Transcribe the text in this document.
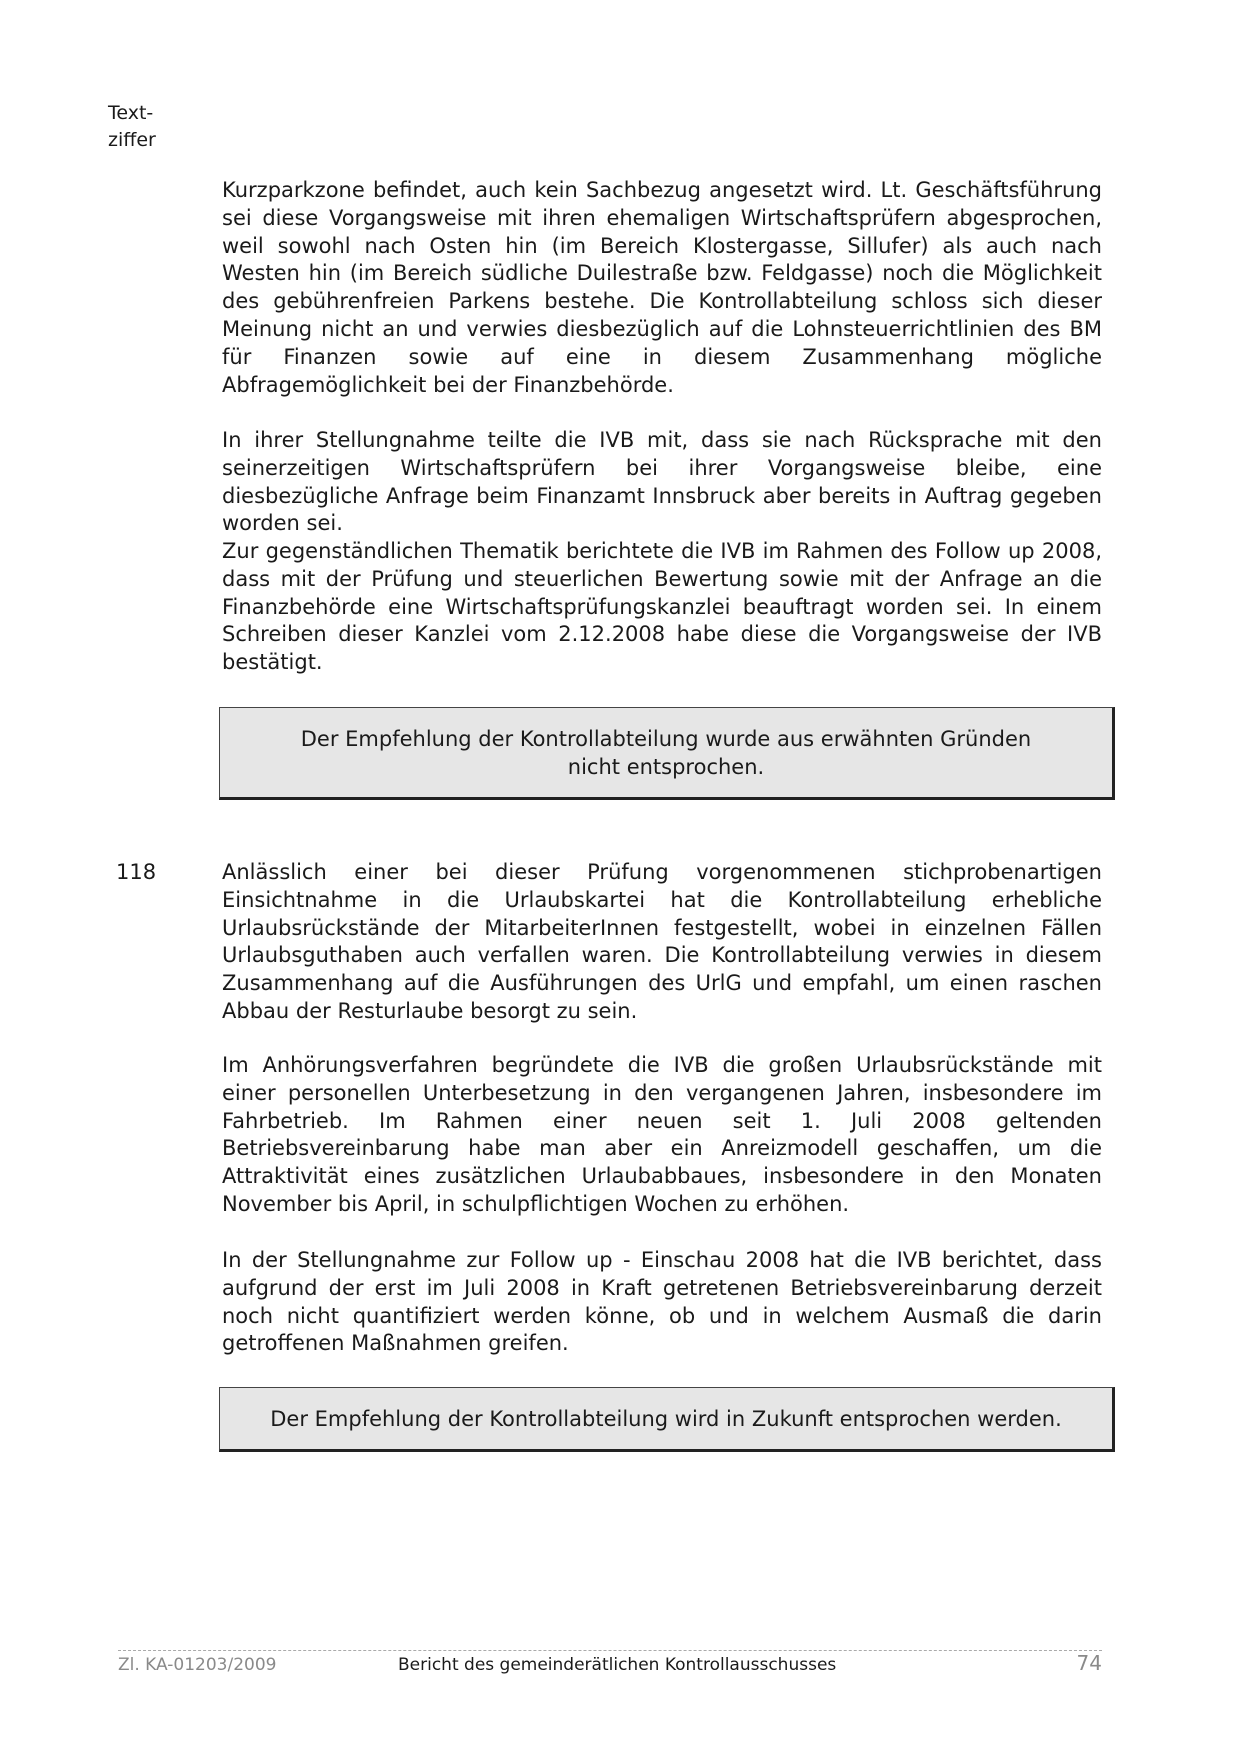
Text-
ziffer

Kurzparkzone befindet, auch kein Sachbezug angesetzt wird. Lt. Geschäftsführung sei diese Vorgangsweise mit ihren ehemaligen Wirtschaftsprüfern abgesprochen, weil sowohl nach Osten hin (im Bereich Klostergasse, Sillufer) als auch nach Westen hin (im Bereich südliche Duilestraße bzw. Feldgasse) noch die Möglichkeit des gebührenfreien Parkens bestehe. Die Kontrollabteilung schloss sich dieser Meinung nicht an und verwies diesbezüglich auf die Lohnsteuerrichtlinien des BM für Finanzen sowie auf eine in diesem Zusammenhang mögliche Abfragemöglichkeit bei der Finanzbehörde.

In ihrer Stellungnahme teilte die IVB mit, dass sie nach Rücksprache mit den seinerzeitigen Wirtschaftsprüfern bei ihrer Vorgangsweise bleibe, eine diesbezügliche Anfrage beim Finanzamt Innsbruck aber bereits in Auftrag gegeben worden sei.

Zur gegenständlichen Thematik berichtete die IVB im Rahmen des Follow up 2008, dass mit der Prüfung und steuerlichen Bewertung sowie mit der Anfrage an die Finanzbehörde eine Wirtschaftsprüfungskanzlei beauftragt worden sei. In einem Schreiben dieser Kanzlei vom 2.12.2008 habe diese die Vorgangsweise der IVB bestätigt.

Der Empfehlung der Kontrollabteilung wurde aus erwähnten Gründen
nicht entsprochen.
118	Anlässlich einer bei dieser Prüfung vorgenommenen stichprobenartigen Einsichtnahme in die Urlaubskartei hat die Kontrollabteilung erhebliche Urlaubsrückstände der MitarbeiterInnen festgestellt, wobei in einzelnen Fällen Urlaubsguthaben auch verfallen waren. Die Kontrollabteilung verwies in diesem Zusammenhang auf die Ausführungen des UrlG und empfahl, um einen raschen Abbau der Resturlaube besorgt zu sein.

Im Anhörungsverfahren begründete die IVB die großen Urlaubsrückstände mit einer personellen Unterbesetzung in den vergangenen Jahren, insbesondere im Fahrbetrieb. Im Rahmen einer neuen seit 1. Juli 2008 geltenden Betriebsvereinbarung habe man aber ein Anreizmodell geschaffen, um die Attraktivität eines zusätzlichen Urlaubabbaues, insbesondere in den Monaten November bis April, in schulpflichtigen Wochen zu erhöhen.

In der Stellungnahme zur Follow up - Einschau 2008 hat die IVB berichtet, dass aufgrund der erst im Juli 2008 in Kraft getretenen Betriebsvereinbarung derzeit noch nicht quantifiziert werden könne, ob und in welchem Ausmaß die darin getroffenen Maßnahmen greifen.

Der Empfehlung der Kontrollabteilung wird in Zukunft entsprochen werden.
Zl. KA-01203/2009	Bericht des gemeinderätlichen Kontrollausschusses	74
